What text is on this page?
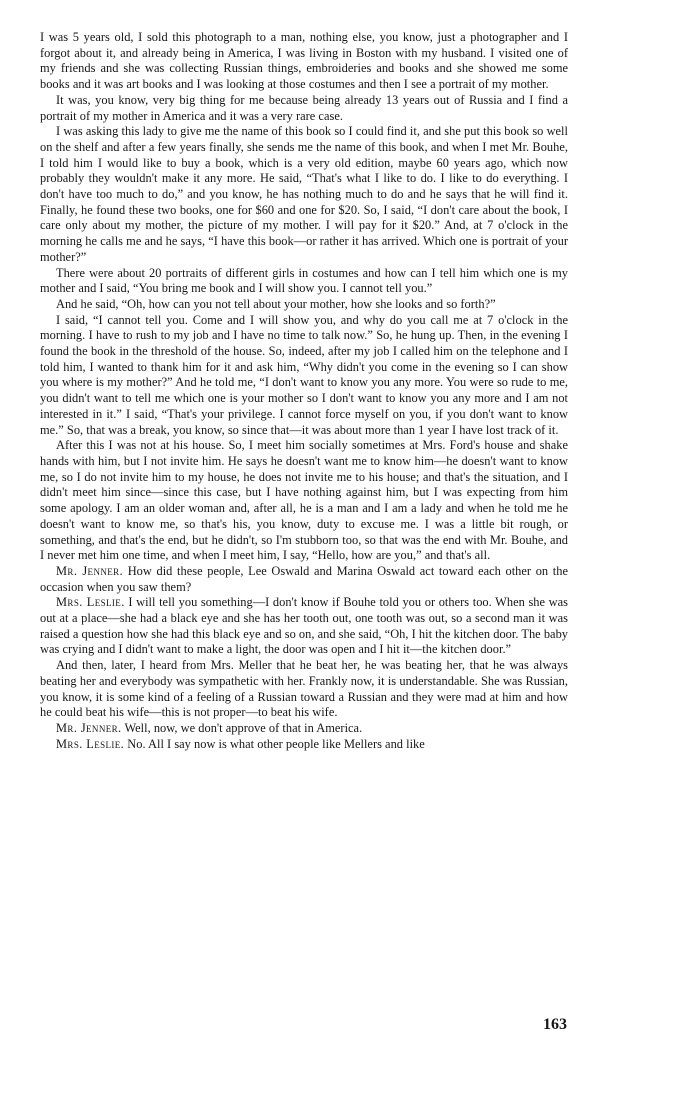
I was 5 years old, I sold this photograph to a man, nothing else, you know, just a photographer and I forgot about it, and already being in America, I was living in Boston with my husband. I visited one of my friends and she was collecting Russian things, embroideries and books and she showed me some books and it was art books and I was looking at those costumes and then I see a portrait of my mother.

It was, you know, very big thing for me because being already 13 years out of Russia and I find a portrait of my mother in America and it was a very rare case.

I was asking this lady to give me the name of this book so I could find it, and she put this book so well on the shelf and after a few years finally, she sends me the name of this book, and when I met Mr. Bouhe, I told him I would like to buy a book, which is a very old edition, maybe 60 years ago, which now probably they wouldn't make it any more. He said, “That's what I like to do. I like to do everything. I don't have too much to do,” and you know, he has nothing much to do and he says that he will find it. Finally, he found these two books, one for $60 and one for $20. So, I said, “I don't care about the book, I care only about my mother, the picture of my mother. I will pay for it $20.” And, at 7 o'clock in the morning he calls me and he says, “I have this book—or rather it has arrived. Which one is portrait of your mother?”

There were about 20 portraits of different girls in costumes and how can I tell him which one is my mother and I said, “You bring me book and I will show you. I cannot tell you.”

And he said, “Oh, how can you not tell about your mother, how she looks and so forth?”

I said, “I cannot tell you. Come and I will show you, and why do you call me at 7 o'clock in the morning. I have to rush to my job and I have no time to talk now.” So, he hung up. Then, in the evening I found the book in the threshold of the house. So, indeed, after my job I called him on the telephone and I told him, I wanted to thank him for it and ask him, “Why didn't you come in the evening so I can show you where is my mother?” And he told me, “I don't want to know you any more. You were so rude to me, you didn't want to tell me which one is your mother so I don't want to know you any more and I am not interested in it.” I said, “That's your privilege. I cannot force myself on you, if you don't want to know me.” So, that was a break, you know, so since that—it was about more than 1 year I have lost track of it.

After this I was not at his house. So, I meet him socially sometimes at Mrs. Ford's house and shake hands with him, but I not invite him. He says he doesn't want me to know him—he doesn't want to know me, so I do not invite him to my house, he does not invite me to his house; and that's the situation, and I didn't meet him since—since this case, but I have nothing against him, but I was expecting from him some apology. I am an older woman and, after all, he is a man and I am a lady and when he told me he doesn't want to know me, so that's his, you know, duty to excuse me. I was a little bit rough, or something, and that's the end, but he didn't, so I'm stubborn too, so that was the end with Mr. Bouhe, and I never met him one time, and when I meet him, I say, “Hello, how are you,” and that's all.

Mr. Jenner. How did these people, Lee Oswald and Marina Oswald act toward each other on the occasion when you saw them?

Mrs. Leslie. I will tell you something—I don't know if Bouhe told you or others too. When she was out at a place—she had a black eye and she has her tooth out, one tooth was out, so a second man it was raised a question how she had this black eye and so on, and she said, “Oh, I hit the kitchen door. The baby was crying and I didn't want to make a light, the door was open and I hit it—the kitchen door.”

And then, later, I heard from Mrs. Meller that he beat her, he was beating her, that he was always beating her and everybody was sympathetic with her. Frankly now, it is understandable. She was Russian, you know, it is some kind of a feeling of a Russian toward a Russian and they were mad at him and how he could beat his wife—this is not proper—to beat his wife.

Mr. Jenner. Well, now, we don't approve of that in America.

Mrs. Leslie. No. All I say now is what other people like Mellers and like

163
